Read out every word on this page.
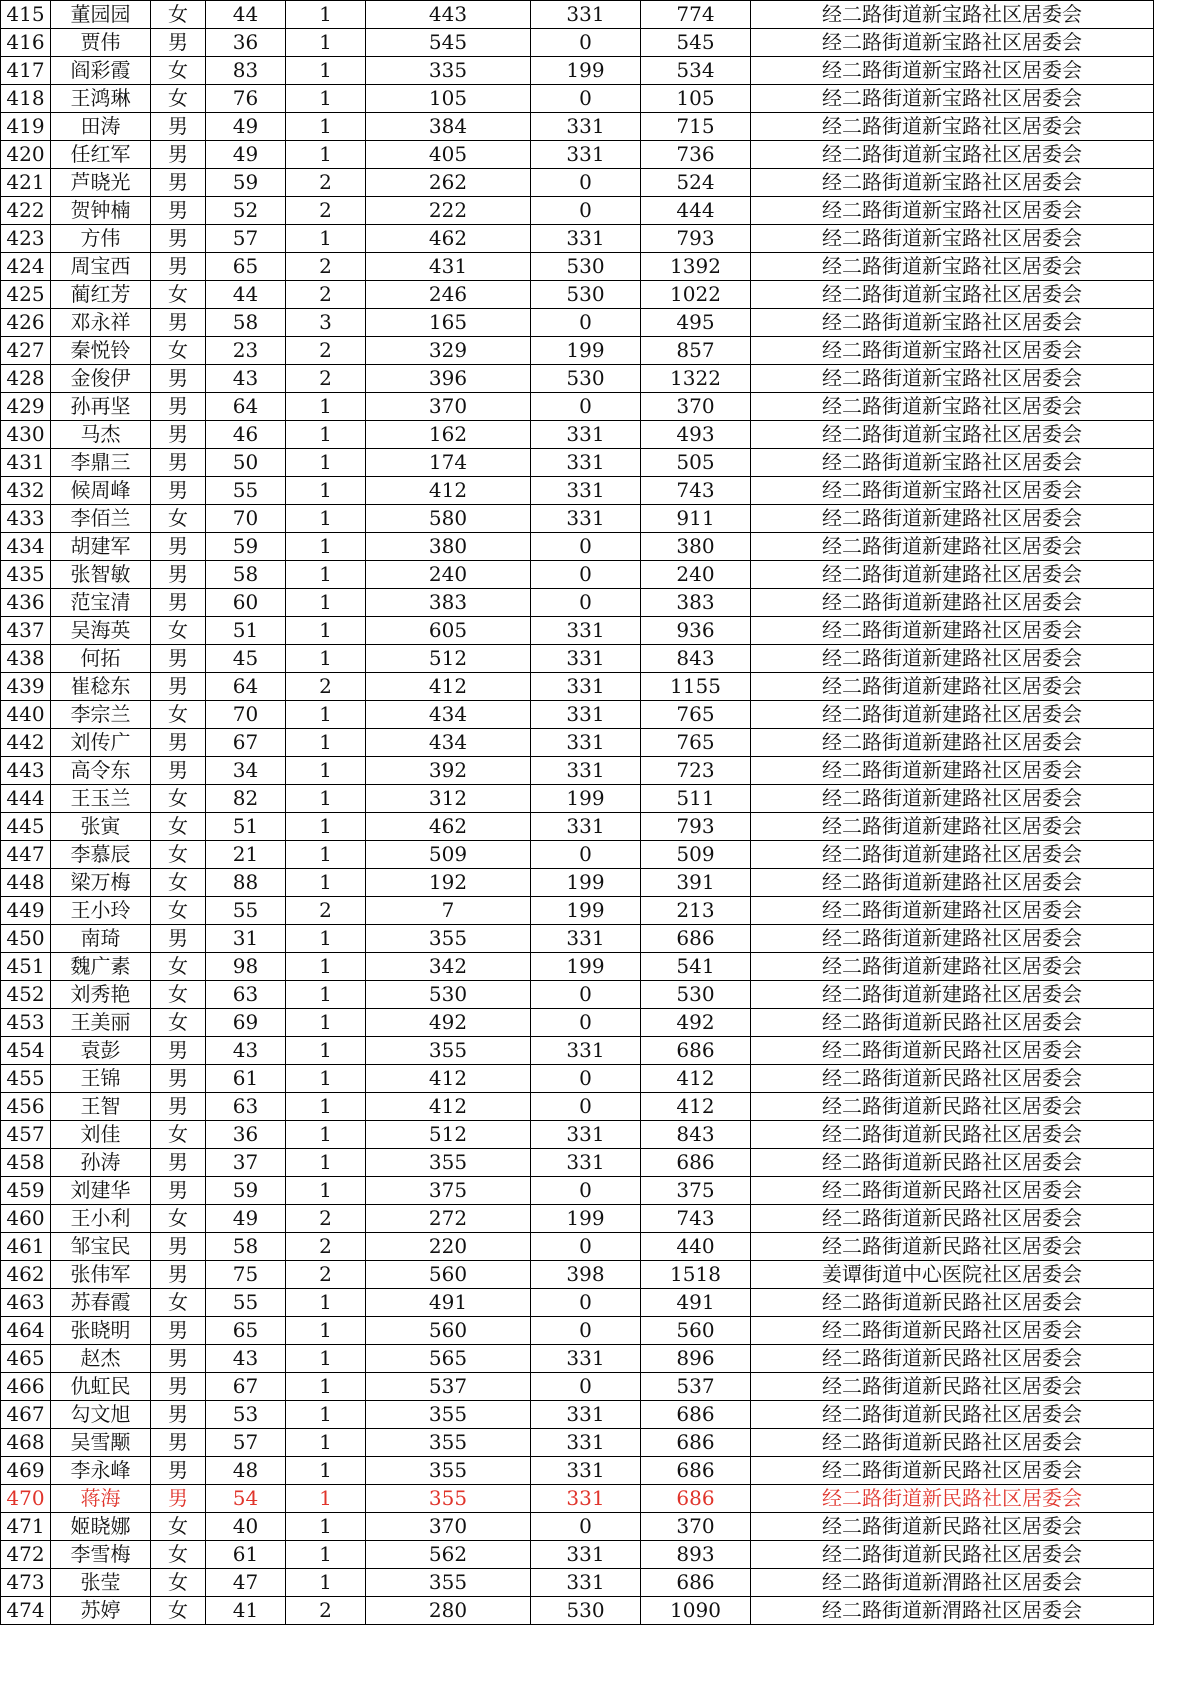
415	董园园	女	44	1	443	331	774	经二路街道新宝路社区居委会
416	贾伟	男	36	1	545	0	545	经二路街道新宝路社区居委会
417	阎彩霞	女	83	1	335	199	534	经二路街道新宝路社区居委会
418	王鸿琳	女	76	1	105	0	105	经二路街道新宝路社区居委会
419	田涛	男	49	1	384	331	715	经二路街道新宝路社区居委会
420	任红军	男	49	1	405	331	736	经二路街道新宝路社区居委会
421	芦晓光	男	59	2	262	0	524	经二路街道新宝路社区居委会
422	贺钟楠	男	52	2	222	0	444	经二路街道新宝路社区居委会
423	方伟	男	57	1	462	331	793	经二路街道新宝路社区居委会
424	周宝西	男	65	2	431	530	1392	经二路街道新宝路社区居委会
425	蔺红芳	女	44	2	246	530	1022	经二路街道新宝路社区居委会
426	邓永祥	男	58	3	165	0	495	经二路街道新宝路社区居委会
427	秦悦铃	女	23	2	329	199	857	经二路街道新宝路社区居委会
428	金俊伊	男	43	2	396	530	1322	经二路街道新宝路社区居委会
429	孙再坚	男	64	1	370	0	370	经二路街道新宝路社区居委会
430	马杰	男	46	1	162	331	493	经二路街道新宝路社区居委会
431	李鼎三	男	50	1	174	331	505	经二路街道新宝路社区居委会
432	候周峰	男	55	1	412	331	743	经二路街道新宝路社区居委会
433	李佰兰	女	70	1	580	331	911	经二路街道新建路社区居委会
434	胡建军	男	59	1	380	0	380	经二路街道新建路社区居委会
435	张智敏	男	58	1	240	0	240	经二路街道新建路社区居委会
436	范宝清	男	60	1	383	0	383	经二路街道新建路社区居委会
437	吴海英	女	51	1	605	331	936	经二路街道新建路社区居委会
438	何拓	男	45	1	512	331	843	经二路街道新建路社区居委会
439	崔稔东	男	64	2	412	331	1155	经二路街道新建路社区居委会
440	李宗兰	女	70	1	434	331	765	经二路街道新建路社区居委会
442	刘传广	男	67	1	434	331	765	经二路街道新建路社区居委会
443	高令东	男	34	1	392	331	723	经二路街道新建路社区居委会
444	王玉兰	女	82	1	312	199	511	经二路街道新建路社区居委会
445	张寅	女	51	1	462	331	793	经二路街道新建路社区居委会
447	李慕辰	女	21	1	509	0	509	经二路街道新建路社区居委会
448	梁万梅	女	88	1	192	199	391	经二路街道新建路社区居委会
449	王小玲	女	55	2	7	199	213	经二路街道新建路社区居委会
450	南琦	男	31	1	355	331	686	经二路街道新建路社区居委会
451	魏广素	女	98	1	342	199	541	经二路街道新建路社区居委会
452	刘秀艳	女	63	1	530	0	530	经二路街道新建路社区居委会
453	王美丽	女	69	1	492	0	492	经二路街道新民路社区居委会
454	袁彭	男	43	1	355	331	686	经二路街道新民路社区居委会
455	王锦	男	61	1	412	0	412	经二路街道新民路社区居委会
456	王智	男	63	1	412	0	412	经二路街道新民路社区居委会
457	刘佳	女	36	1	512	331	843	经二路街道新民路社区居委会
458	孙涛	男	37	1	355	331	686	经二路街道新民路社区居委会
459	刘建华	男	59	1	375	0	375	经二路街道新民路社区居委会
460	王小利	女	49	2	272	199	743	经二路街道新民路社区居委会
461	邹宝民	男	58	2	220	0	440	经二路街道新民路社区居委会
462	张伟军	男	75	2	560	398	1518	姜谭街道中心医院社区居委会
463	苏春霞	女	55	1	491	0	491	经二路街道新民路社区居委会
464	张晓明	男	65	1	560	0	560	经二路街道新民路社区居委会
465	赵杰	男	43	1	565	331	896	经二路街道新民路社区居委会
466	仇虹民	男	67	1	537	0	537	经二路街道新民路社区居委会
467	勾文旭	男	53	1	355	331	686	经二路街道新民路社区居委会
468	吴雪颙	男	57	1	355	331	686	经二路街道新民路社区居委会
469	李永峰	男	48	1	355	331	686	经二路街道新民路社区居委会
470	蒋海	男	54	1	355	331	686	经二路街道新民路社区居委会
471	姬晓娜	女	40	1	370	0	370	经二路街道新民路社区居委会
472	李雪梅	女	61	1	562	331	893	经二路街道新民路社区居委会
473	张莹	女	47	1	355	331	686	经二路街道新渭路社区居委会
474	苏婷	女	41	2	280	530	1090	经二路街道新渭路社区居委会
